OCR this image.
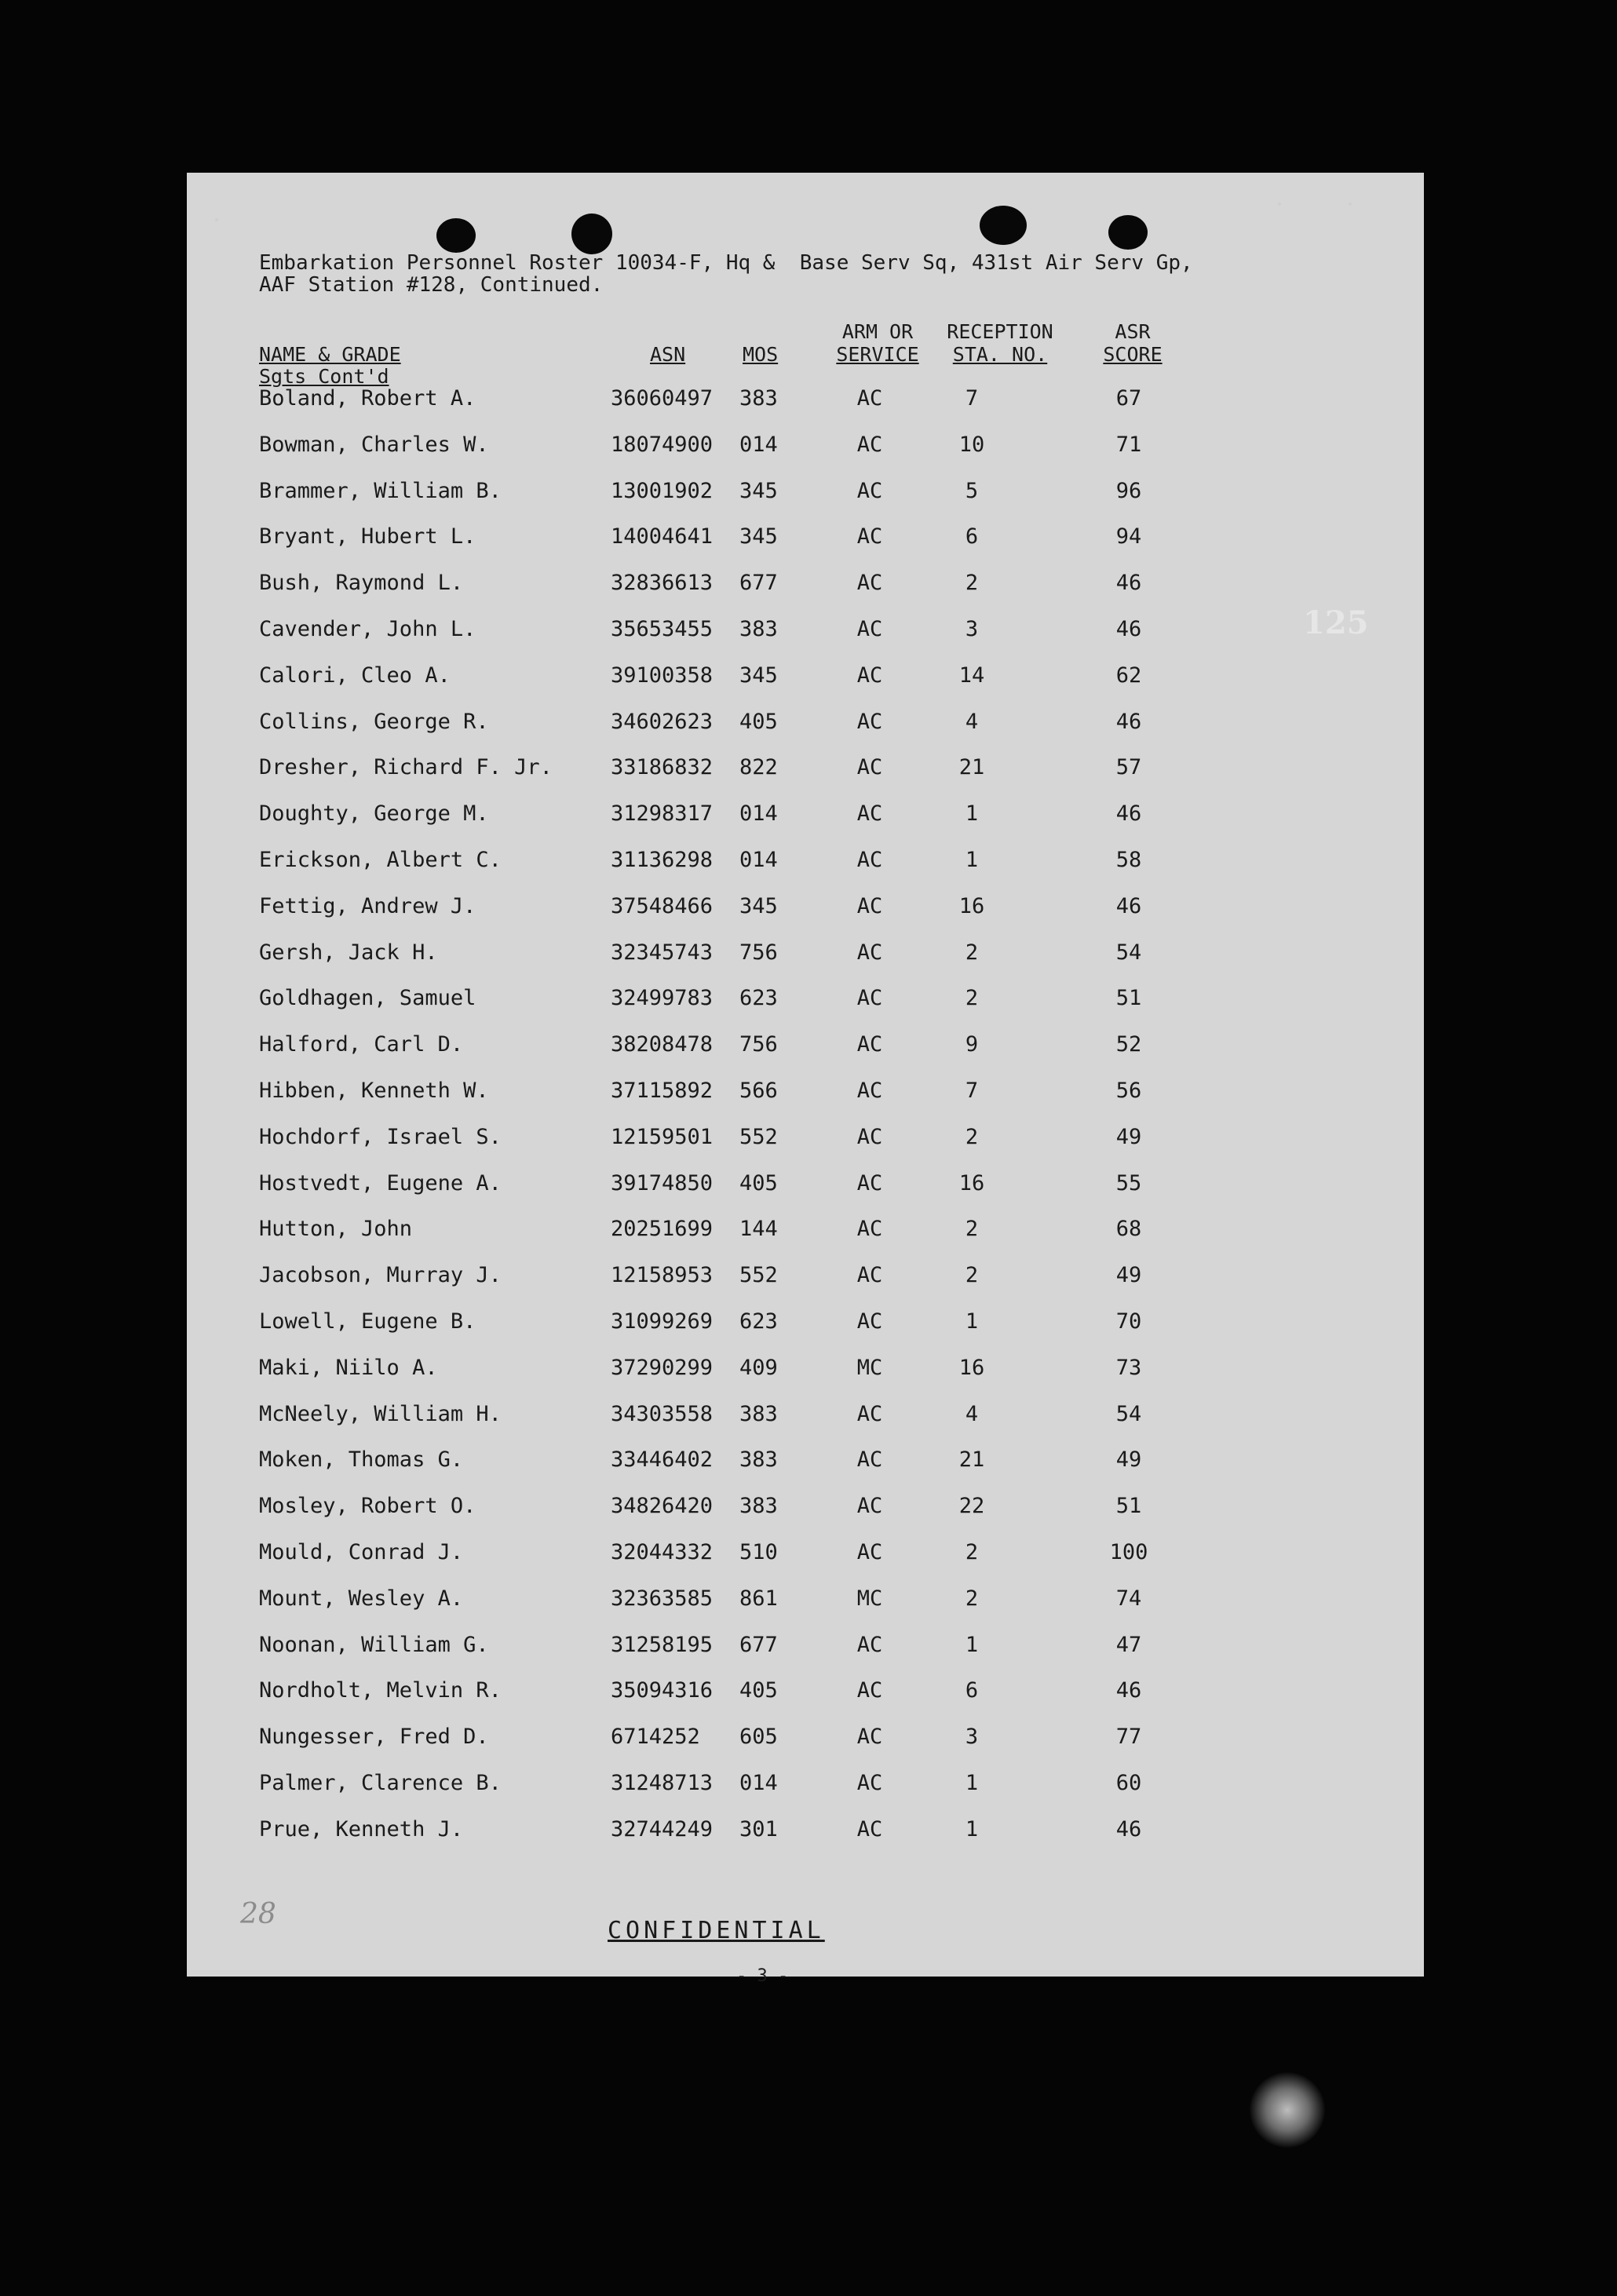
Embarkation Personnel Roster 10034-F, Hq &  Base Serv Sq, 431st Air Serv Gp,
AAF Station #128, Continued.
NAME & GRADE
Sgts Cont'd
ASN	MOS
ARM OR
SERVICE
RECEPTION
STA. NO.
ASR
SCORE
Boland, Robert A.	36060497 383	AC	7	67
Bowman, Charles W.	18074900 014	AC	10	71
Brammer, William B.	13001902 345	AC	5	96
Bryant, Hubert L.	14004641 345	AC	6	94
Bush, Raymond L.	32836613 677	AC	2	46
Cavender, John L.	35653455 383	AC	3	46
Calori, Cleo A.	39100358 345	AC	14	62
Collins, George R.	34602623 405	AC	4	46
Dresher, Richard F. Jr.	33186832 822	AC	21	57
Doughty, George M.	31298317 014	AC	1	46
Erickson, Albert C.	31136298 014	AC	1	58
Fettig, Andrew J.	37548466 345	AC	16	46
Gersh, Jack H.	32345743 756	AC	2	54
Goldhagen, Samuel	32499783 623	AC	2	51
Halford, Carl D.	38208478 756	AC	9	52
Hibben, Kenneth W.	37115892 566	AC	7	56
Hochdorf, Israel S.	12159501 552	AC	2	49
Hostvedt, Eugene A.	39174850 405	AC	16	55
Hutton, John	20251699 144	AC	2	68
Jacobson, Murray J.	12158953 552	AC	2	49
Lowell, Eugene B.	31099269 623	AC	1	70
Maki, Niilo A.	37290299 409	MC	16	73
McNeely, William H.	34303558 383	AC	4	54
Moken, Thomas G.	33446402 383	AC	21	49
Mosley, Robert O.	34826420 383	AC	22	51
Mould, Conrad J.	32044332 510	AC	2	100
Mount, Wesley A.	32363585 861	MC	2	74
Noonan, William G.	31258195 677	AC	1	47
Nordholt, Melvin R.	35094316 405	AC	6	46
Nungesser, Fred D.	6714252 605	AC	3	77
Palmer, Clarence B.	31248713 014	AC	1	60
Prue, Kenneth J.	32744249 301	AC	1	46
28
CONFIDENTIAL
- 3 -
125
